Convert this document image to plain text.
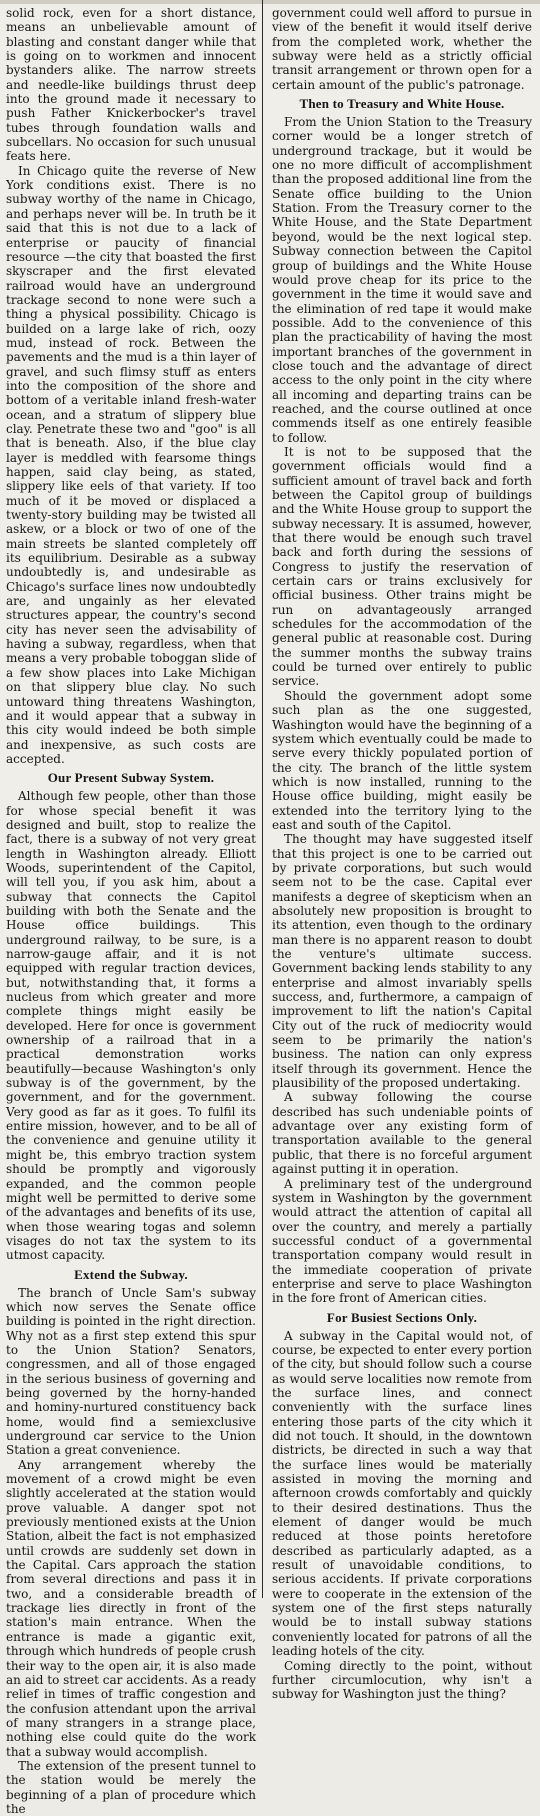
solid rock, even for a short distance, means an unbelievable amount of blasting and constant danger while that is going on to workmen and innocent bystanders alike. The narrow streets and needle-like buildings thrust deep into the ground made it necessary to push Father Knickerbocker's travel tubes through foundation walls and subcellars. No occasion for such unusual feats here.

In Chicago quite the reverse of New York conditions exist. There is no subway worthy of the name in Chicago, and perhaps never will be. In truth be it said that this is not due to a lack of enterprise or paucity of financial resource —the city that boasted the first skyscraper and the first elevated railroad would have an underground trackage second to none were such a thing a physical possibility. Chicago is builded on a large lake of rich, oozy mud, instead of rock. Between the pavements and the mud is a thin layer of gravel, and such flimsy stuff as enters into the composition of the shore and bottom of a veritable inland fresh-water ocean, and a stratum of slippery blue clay. Penetrate these two and "goo" is all that is beneath. Also, if the blue clay layer is meddled with fearsome things happen, said clay being, as stated, slippery like eels of that variety. If too much of it be moved or displaced a twenty-story building may be twisted all askew, or a block or two of one of the main streets be slanted completely off its equilibrium. Desirable as a subway undoubtedly is, and undesirable as Chicago's surface lines now undoubtedly are, and ungainly as her elevated structures appear, the country's second city has never seen the advisability of having a subway, regardless, when that means a very probable toboggan slide of a few show places into Lake Michigan on that slippery blue clay. No such untoward thing threatens Washington, and it would appear that a subway in this city would indeed be both simple and inexpensive, as such costs are accepted.

Our Present Subway System.

Although few people, other than those for whose special benefit it was designed and built, stop to realize the fact, there is a subway of not very great length in Washington already. Elliott Woods, superintendent of the Capitol, will tell you, if you ask him, about a subway that connects the Capitol building with both the Senate and the House office buildings. This underground railway, to be sure, is a narrow-gauge affair, and it is not equipped with regular traction devices, but, notwithstanding that, it forms a nucleus from which greater and more complete things might easily be developed. Here for once is government ownership of a railroad that in a practical demonstration works beautifully—because Washington's only subway is of the government, by the government, and for the government. Very good as far as it goes. To fulfil its entire mission, however, and to be all of the convenience and genuine utility it might be, this embryo traction system should be promptly and vigorously expanded, and the common people might well be permitted to derive some of the advantages and benefits of its use, when those wearing togas and solemn visages do not tax the system to its utmost capacity.

Extend the Subway.

The branch of Uncle Sam's subway which now serves the Senate office building is pointed in the right direction. Why not as a first step extend this spur to the Union Station? Senators, congressmen, and all of those engaged in the serious business of governing and being governed by the horny-handed and hominy-nurtured constituency back home, would find a semiexclusive underground car service to the Union Station a great convenience.

Any arrangement whereby the movement of a crowd might be even slightly accelerated at the station would prove valuable. A danger spot not previously mentioned exists at the Union Station, albeit the fact is not emphasized until crowds are suddenly set down in the Capital. Cars approach the station from several directions and pass it in two, and a considerable breadth of trackage lies directly in front of the station's main entrance. When the entrance is made a gigantic exit, through which hundreds of people crush their way to the open air, it is also made an aid to street car accidents. As a ready relief in times of traffic congestion and the confusion attendant upon the arrival of many strangers in a strange place, nothing else could quite do the work that a subway would accomplish.

The extension of the present tunnel to the station would be merely the beginning of a plan of procedure which the

government could well afford to pursue in view of the benefit it would itself derive from the completed work, whether the subway were held as a strictly official transit arrangement or thrown open for a certain amount of the public's patronage.

Then to Treasury and White House.

From the Union Station to the Treasury corner would be a longer stretch of underground trackage, but it would be one no more difficult of accomplishment than the proposed additional line from the Senate office building to the Union Station. From the Treasury corner to the White House, and the State Department beyond, would be the next logical step. Subway connection between the Capitol group of buildings and the White House would prove cheap for its price to the government in the time it would save and the elimination of red tape it would make possible. Add to the convenience of this plan the practicability of having the most important branches of the government in close touch and the advantage of direct access to the only point in the city where all incoming and departing trains can be reached, and the course outlined at once commends itself as one entirely feasible to follow.

It is not to be supposed that the government officials would find a sufficient amount of travel back and forth between the Capitol group of buildings and the White House group to support the subway necessary. It is assumed, however, that there would be enough such travel back and forth during the sessions of Congress to justify the reservation of certain cars or trains exclusively for official business. Other trains might be run on advantageously arranged schedules for the accommodation of the general public at reasonable cost. During the summer months the subway trains could be turned over entirely to public service.

Should the government adopt some such plan as the one suggested, Washington would have the beginning of a system which eventually could be made to serve every thickly populated portion of the city. The branch of the little system which is now installed, running to the House office building, might easily be extended into the territory lying to the east and south of the Capitol.

The thought may have suggested itself that this project is one to be carried out by private corporations, but such would seem not to be the case. Capital ever manifests a degree of skepticism when an absolutely new proposition is brought to its attention, even though to the ordinary man there is no apparent reason to doubt the venture's ultimate success. Government backing lends stability to any enterprise and almost invariably spells success, and, furthermore, a campaign of improvement to lift the nation's Capital City out of the ruck of mediocrity would seem to be primarily the nation's business. The nation can only express itself through its government. Hence the plausibility of the proposed undertaking.

A subway following the course described has such undeniable points of advantage over any existing form of transportation available to the general public, that there is no forceful argument against putting it in operation.

A preliminary test of the underground system in Washington by the government would attract the attention of capital all over the country, and merely a partially successful conduct of a governmental transportation company would result in the immediate cooperation of private enterprise and serve to place Washington in the fore front of American cities.

For Busiest Sections Only.

A subway in the Capital would not, of course, be expected to enter every portion of the city, but should follow such a course as would serve localities now remote from the surface lines, and connect conveniently with the surface lines entering those parts of the city which it did not touch. It should, in the downtown districts, be directed in such a way that the surface lines would be materially assisted in moving the morning and afternoon crowds comfortably and quickly to their desired destinations. Thus the element of danger would be much reduced at those points heretofore described as particularly adapted, as a result of unavoidable conditions, to serious accidents. If private corporations were to cooperate in the extension of the system one of the first steps naturally would be to install subway stations conveniently located for patrons of all the leading hotels of the city.

Coming directly to the point, without further circumlocution, why isn't a subway for Washington just the thing?
